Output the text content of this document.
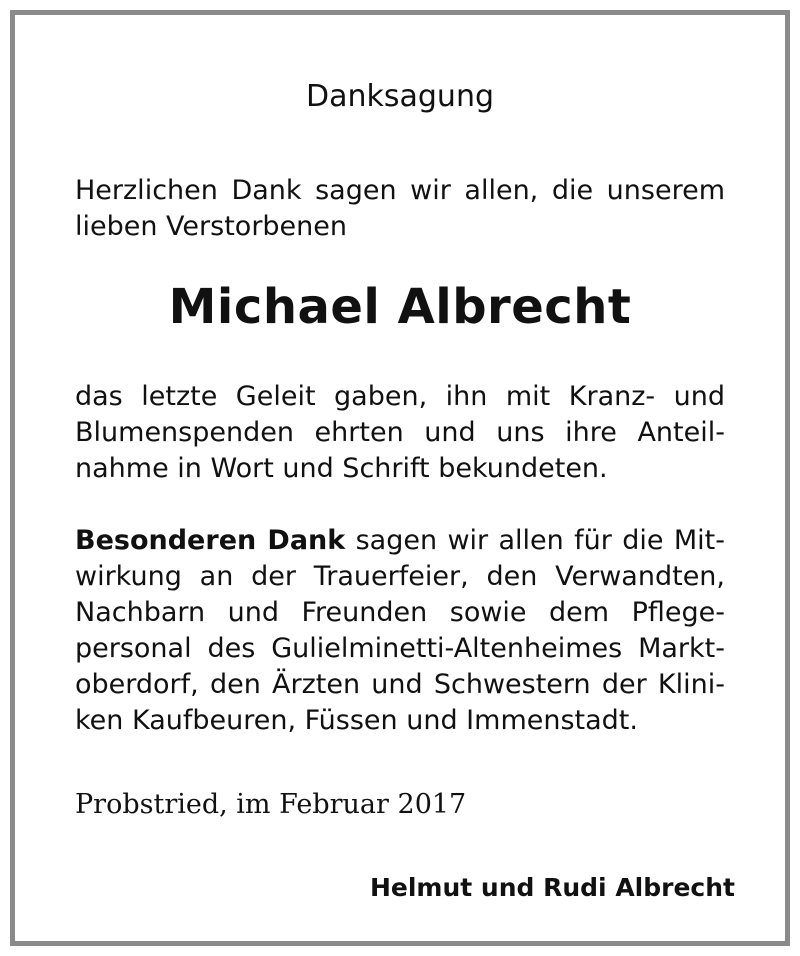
Danksagung
Herzlichen Dank sagen wir allen, die unserem lieben Verstorbenen
Michael Albrecht
das letzte Geleit gaben, ihn mit Kranz- und Blumenspenden ehrten und uns ihre Anteilnahme in Wort und Schrift bekundeten.
Besonderen Dank sagen wir allen für die Mitwirkung an der Trauerfeier, den Verwandten, Nachbarn und Freunden sowie dem Pflegepersonal des Gulielminetti-Altenheimes Marktoberdorf, den Ärzten und Schwestern der Kliniken Kaufbeuren, Füssen und Immenstadt.
Probstried, im Februar 2017
Helmut und Rudi Albrecht
